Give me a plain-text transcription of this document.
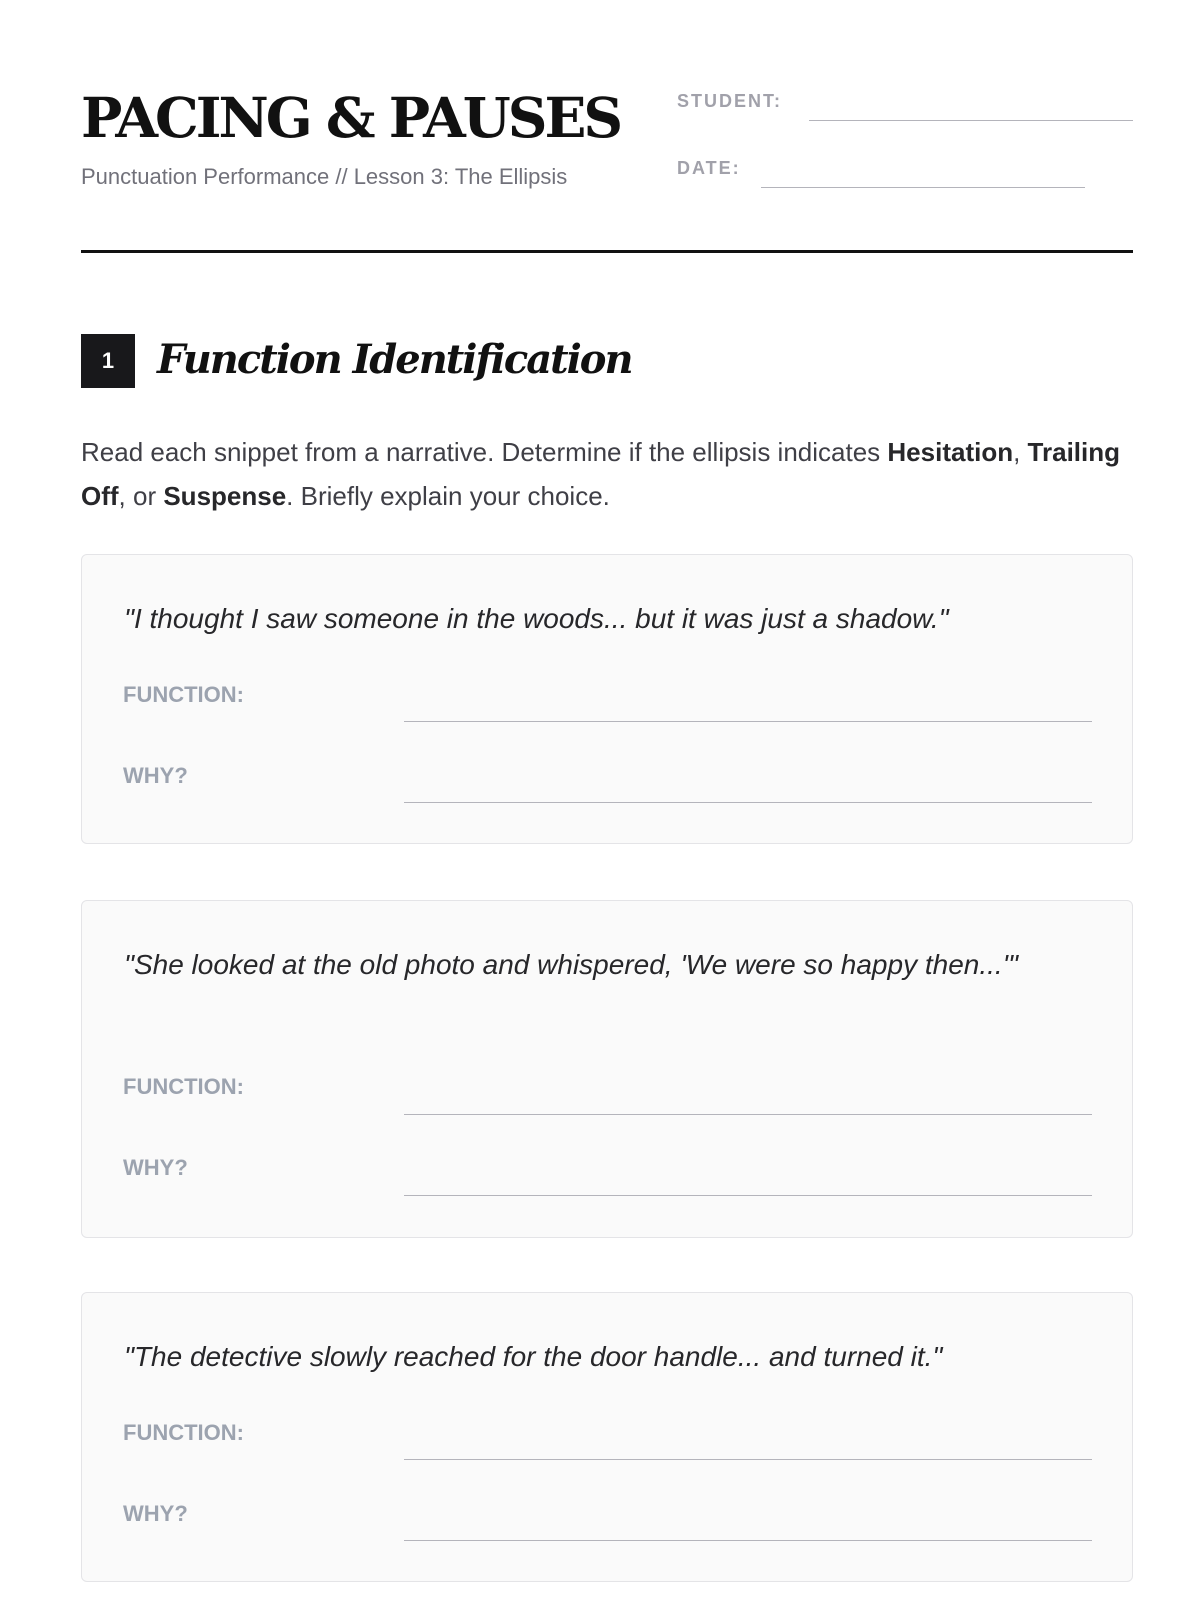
PACING & PAUSES
Punctuation Performance // Lesson 3: The Ellipsis
STUDENT:
DATE:
1	Function Identification

Read each snippet from a narrative. Determine if the ellipsis indicates Hesitation, Trailing Off, or Suspense. Briefly explain your choice.

"I thought I saw someone in the woods... but it was just a shadow."
FUNCTION:
WHY?
"She looked at the old photo and whispered, 'We were so happy then...'"
FUNCTION:
WHY?
"The detective slowly reached for the door handle... and turned it."
FUNCTION:
WHY?
